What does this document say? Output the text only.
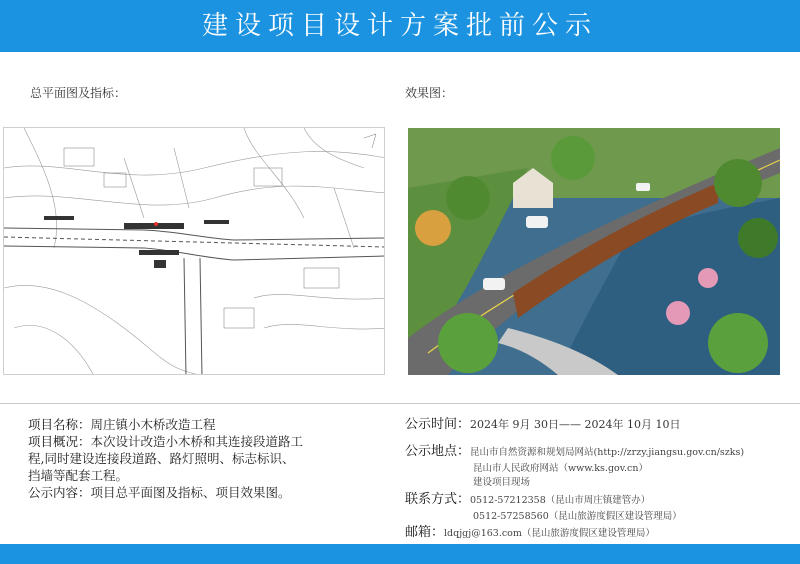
建设项目设计方案批前公示
总平面图及指标：	效果图：
项目名称：周庄镇小木桥改造工程
项目概况：本次设计改造小木桥和其连接段道路工
程,同时建设连接段道路、路灯照明、标志标识、
挡墙等配套工程。
公示内容：项目总平面图及指标、项目效果图。
公示时间：2024年 9月 30日—— 2024年 10月 10日
公示地点：昆山市自然资源和规划局网站(http://zrzy.jiangsu.gov.cn/szks)
昆山市人民政府网站（www.ks.gov.cn）
建设项目现场
联系方式：0512-57212358（昆山市周庄镇建管办）
0512-57258560（昆山旅游度假区建设管理局）
邮箱：ldqjgj@163.com（昆山旅游度假区建设管理局）
